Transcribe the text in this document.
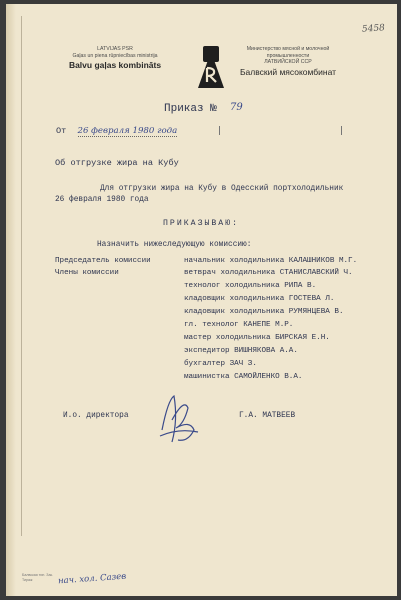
5458
LATVIJAS PSR
Gaļas un piena rūpniecības ministrija
Balvu gaļas kombināts
Министерство мясной и молочной
промышленности
ЛАТВИЙСКОЙ ССР
Балвский мясокомбинат
Приказ № 79
От 26 февраля 1980 года
Об отгрузке жира на Кубу
Для отгрузки жира на Кубу в Одесский портхолодильник
26 февраля 1980 года
ПРИКАЗЫВАЮ:
Назначить нижеследующую комиссию:
Председатель комиссии
Члены комиссии
начальник холодильника КАЛАШНИКОВ М.Г.
ветврач холодильника СТАНИСЛАВСКИЙ Ч.
технолог холодильника РИПА В.
кладовщик холодильника ГОСТЕВА Л.
кладовщик холодильника РУМЯНЦЕВА В.
гл. технолог КАНЕПЕ М.Р.
мастер холодильника БИРСКАЯ Е.Н.
экспедитор ВИШНЯКОВА А.А.
бухгалтер ЗАЧ З.
машинистка САМОЙЛЕНКО В.А.
И.о. директора	Г.А. МАТВЕЕВ
Балвская тип. Зак.
Тираж	нач. хол. Сазев
